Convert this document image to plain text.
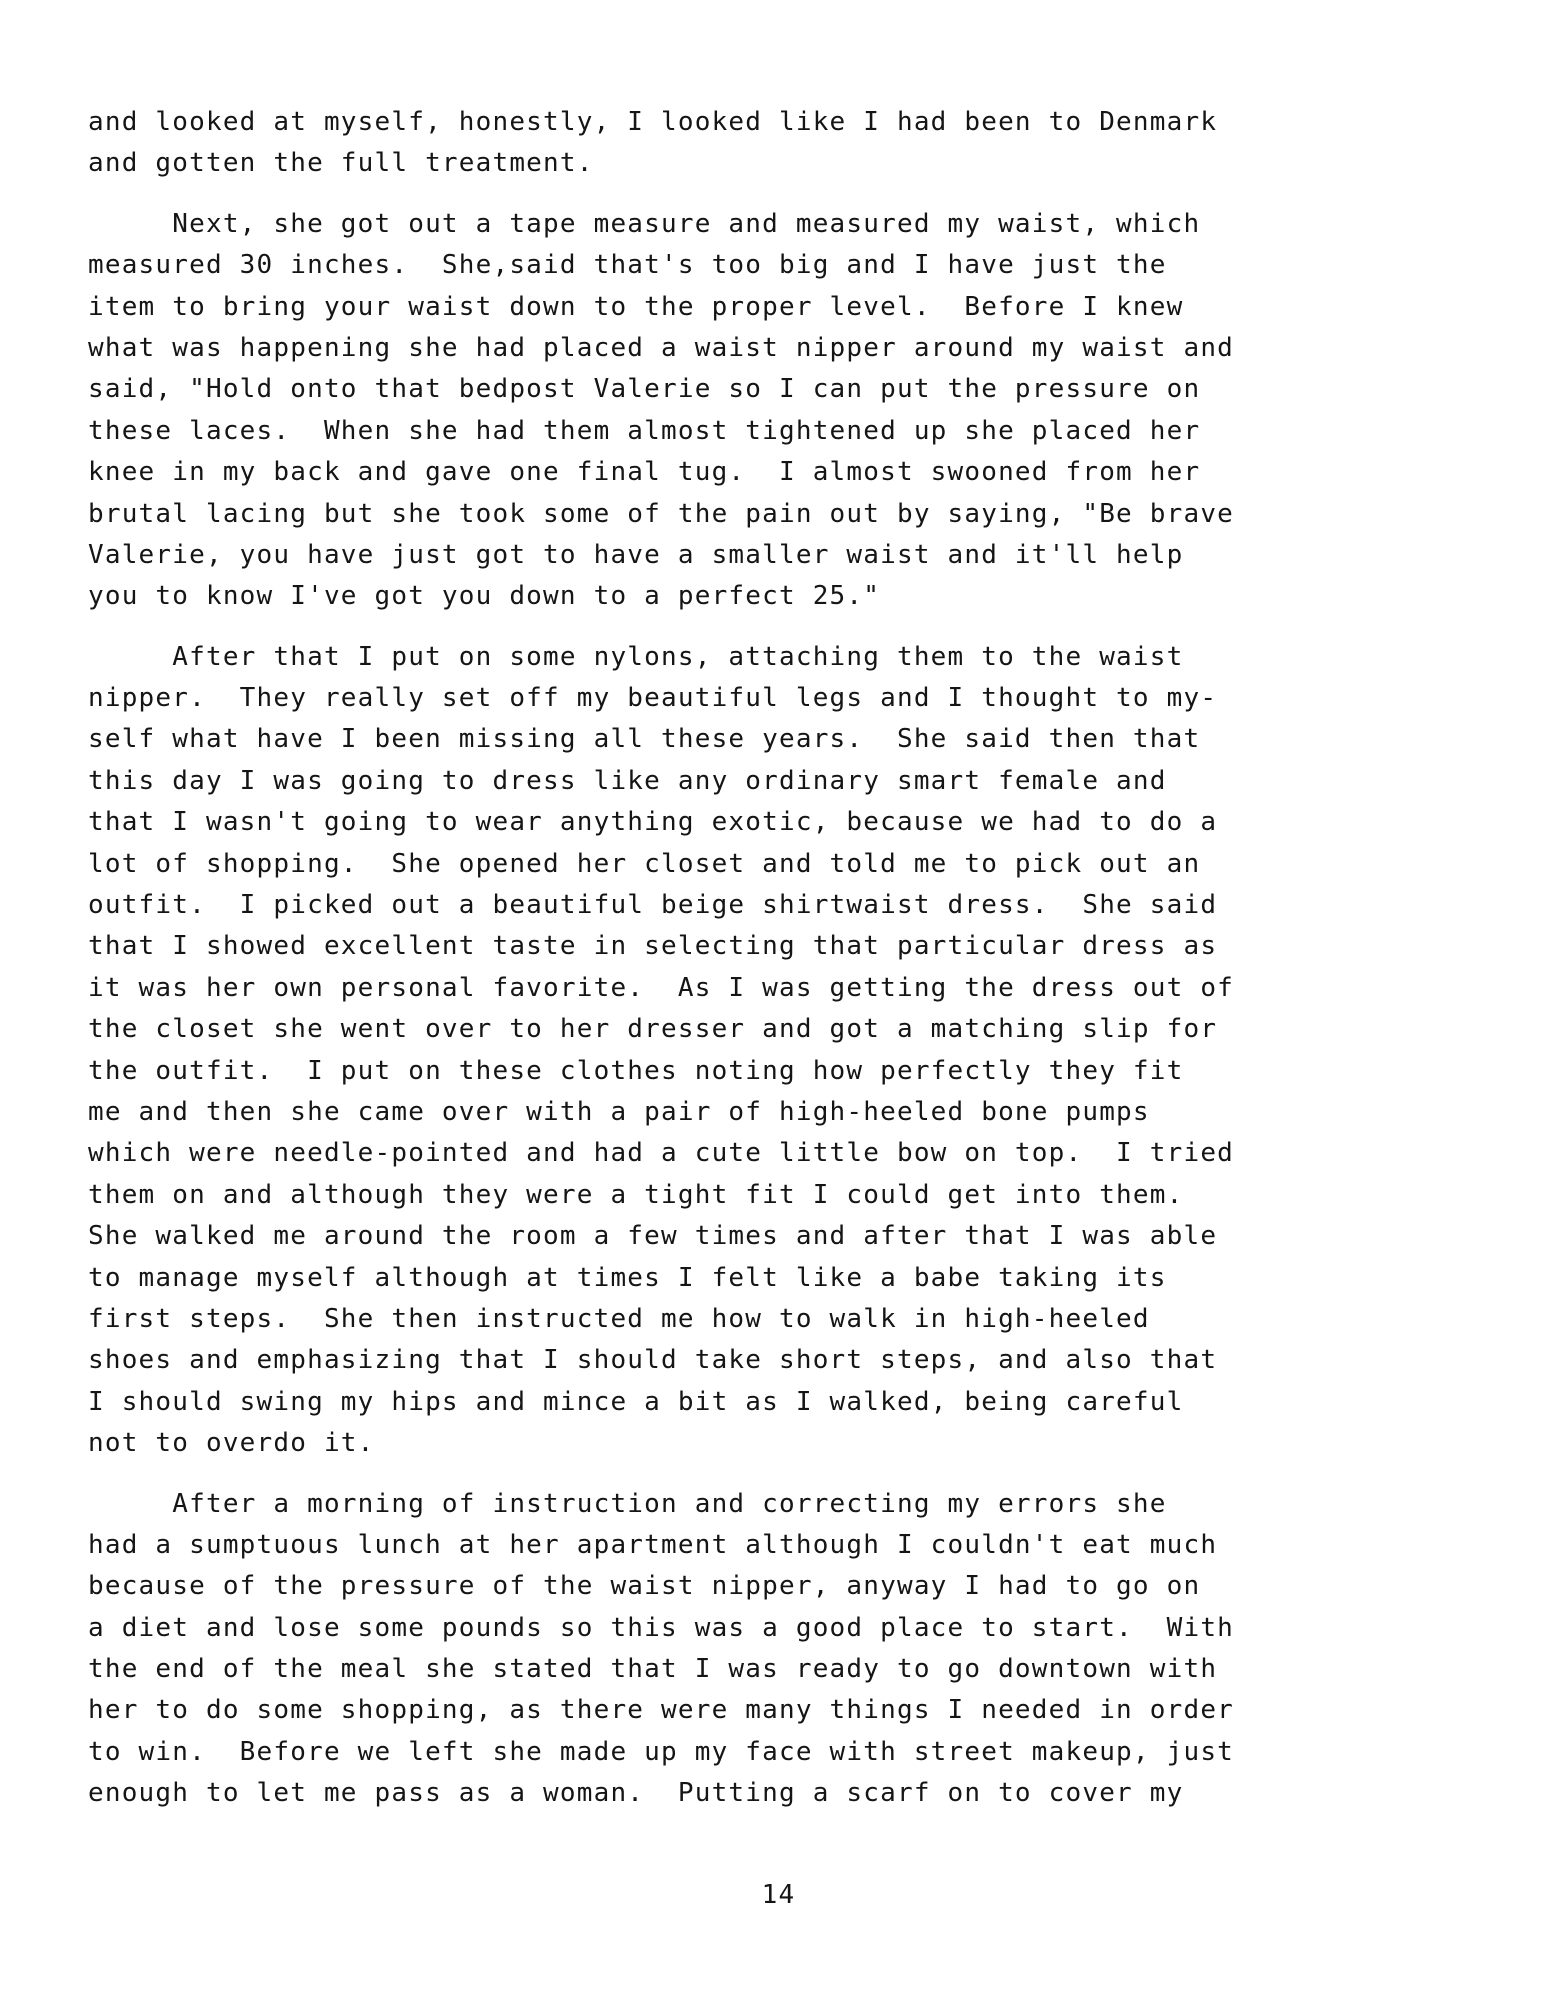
and looked at myself, honestly, I looked like I had been to Denmark
and gotten the full treatment.
Next, she got out a tape measure and measured my waist, which
measured 30 inches.  She,said that's too big and I have just the
item to bring your waist down to the proper level.  Before I knew
what was happening she had placed a waist nipper around my waist and
said, "Hold onto that bedpost Valerie so I can put the pressure on
these laces.  When she had them almost tightened up she placed her
knee in my back and gave one final tug.  I almost swooned from her
brutal lacing but she took some of the pain out by saying, "Be brave
Valerie, you have just got to have a smaller waist and it'll help
you to know I've got you down to a perfect 25."
After that I put on some nylons, attaching them to the waist
nipper.  They really set off my beautiful legs and I thought to my-
self what have I been missing all these years.  She said then that
this day I was going to dress like any ordinary smart female and
that I wasn't going to wear anything exotic, because we had to do a
lot of shopping.  She opened her closet and told me to pick out an
outfit.  I picked out a beautiful beige shirtwaist dress.  She said
that I showed excellent taste in selecting that particular dress as
it was her own personal favorite.  As I was getting the dress out of
the closet she went over to her dresser and got a matching slip for
the outfit.  I put on these clothes noting how perfectly they fit
me and then she came over with a pair of high-heeled bone pumps
which were needle-pointed and had a cute little bow on top.  I tried
them on and although they were a tight fit I could get into them.
She walked me around the room a few times and after that I was able
to manage myself although at times I felt like a babe taking its
first steps.  She then instructed me how to walk in high-heeled
shoes and emphasizing that I should take short steps, and also that
I should swing my hips and mince a bit as I walked, being careful
not to overdo it.
After a morning of instruction and correcting my errors she
had a sumptuous lunch at her apartment although I couldn't eat much
because of the pressure of the waist nipper, anyway I had to go on
a diet and lose some pounds so this was a good place to start.  With
the end of the meal she stated that I was ready to go downtown with
her to do some shopping, as there were many things I needed in order
to win.  Before we left she made up my face with street makeup, just
enough to let me pass as a woman.  Putting a scarf on to cover my
14
